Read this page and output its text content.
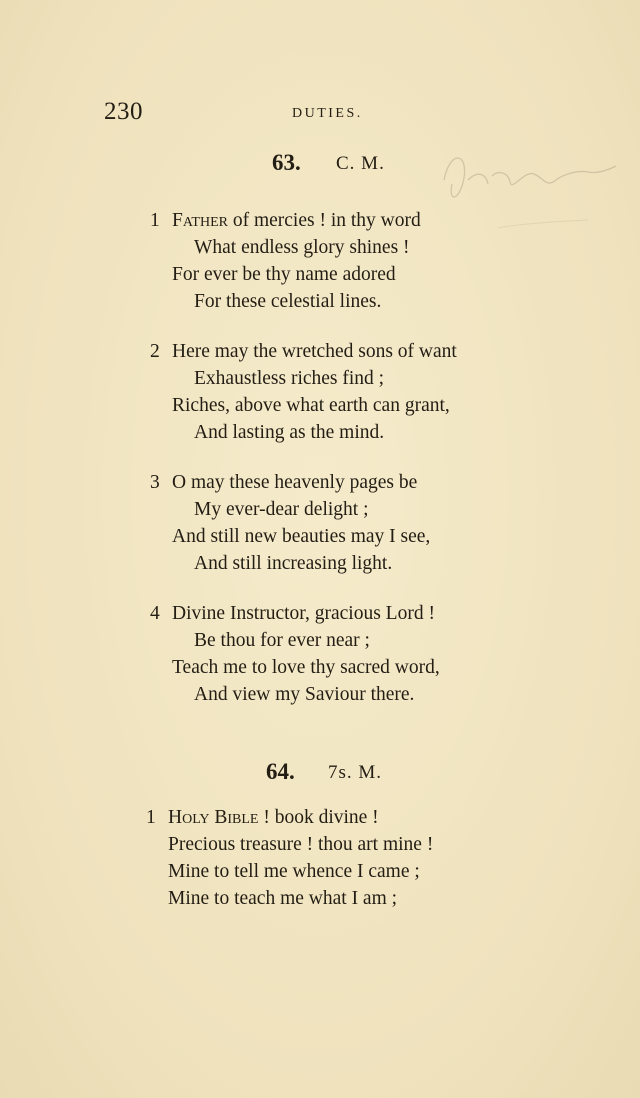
230	DUTIES.
63. C. M.
1 Father of mercies ! in thy word
What endless glory shines !
For ever be thy name adored
For these celestial lines.
2 Here may the wretched sons of want
Exhaustless riches find ;
Riches, above what earth can grant,
And lasting as the mind.
3 O may these heavenly pages be
My ever-dear delight ;
And still new beauties may I see,
And still increasing light.
4 Divine Instructor, gracious Lord !
Be thou for ever near ;
Teach me to love thy sacred word,
And view my Saviour there.
64. 7s. M.
1 Holy Bible ! book divine !
Precious treasure ! thou art mine !
Mine to tell me whence I came ;
Mine to teach me what I am ;
